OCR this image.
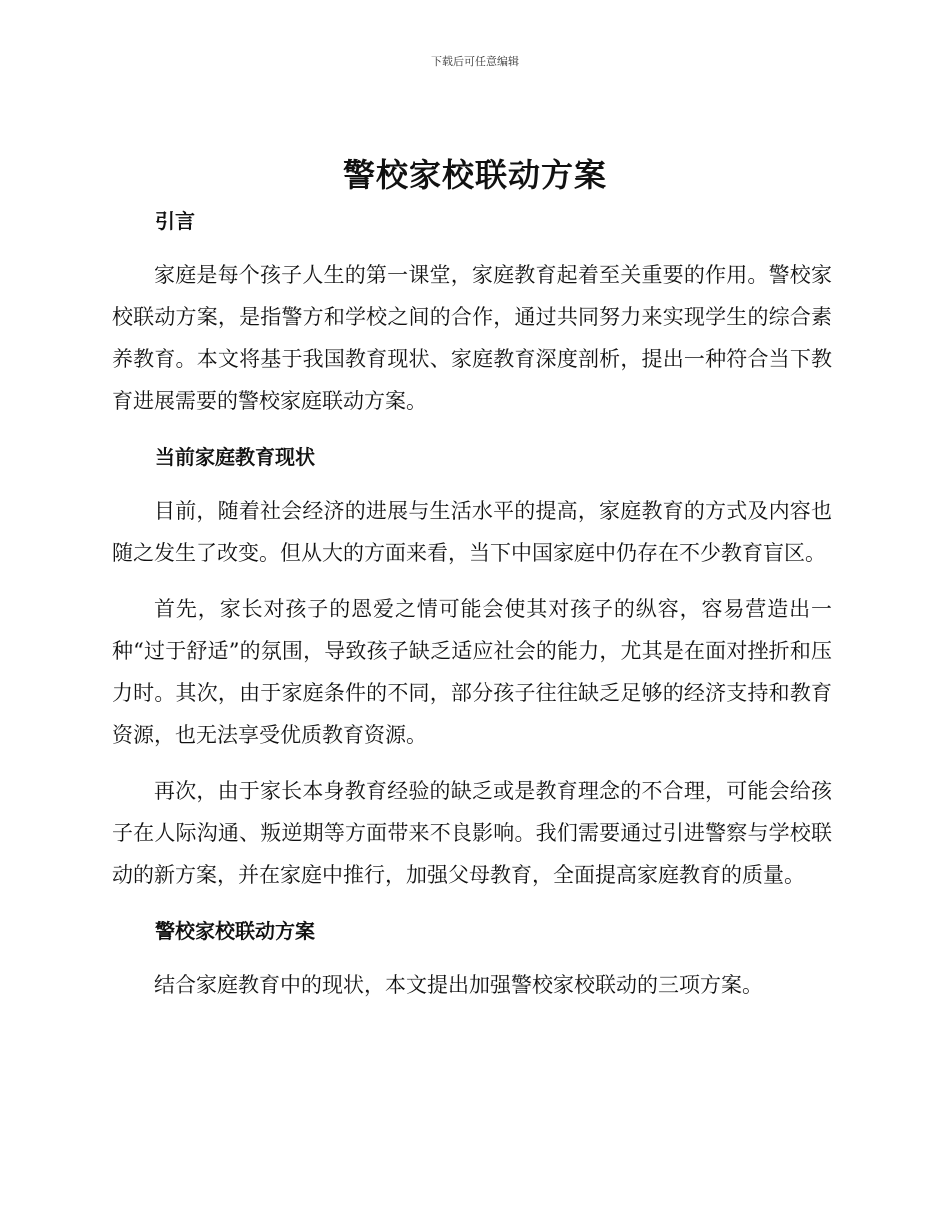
下载后可任意编辑
警校家校联动方案
引言

家庭是每个孩子人生的第一课堂，家庭教育起着至关重要的作用。警校家校联动方案，是指警方和学校之间的合作，通过共同努力来实现学生的综合素养教育。本文将基于我国教育现状、家庭教育深度剖析，提出一种符合当下教育进展需要的警校家庭联动方案。

当前家庭教育现状

目前，随着社会经济的进展与生活水平的提高，家庭教育的方式及内容也随之发生了改变。但从大的方面来看，当下中国家庭中仍存在不少教育盲区。

首先，家长对孩子的恩爱之情可能会使其对孩子的纵容，容易营造出一种“过于舒适”的氛围，导致孩子缺乏适应社会的能力，尤其是在面对挫折和压力时。其次，由于家庭条件的不同，部分孩子往往缺乏足够的经济支持和教育资源，也无法享受优质教育资源。

再次，由于家长本身教育经验的缺乏或是教育理念的不合理，可能会给孩子在人际沟通、叛逆期等方面带来不良影响。我们需要通过引进警察与学校联动的新方案，并在家庭中推行，加强父母教育，全面提高家庭教育的质量。

警校家校联动方案

结合家庭教育中的现状，本文提出加强警校家校联动的三项方案。
